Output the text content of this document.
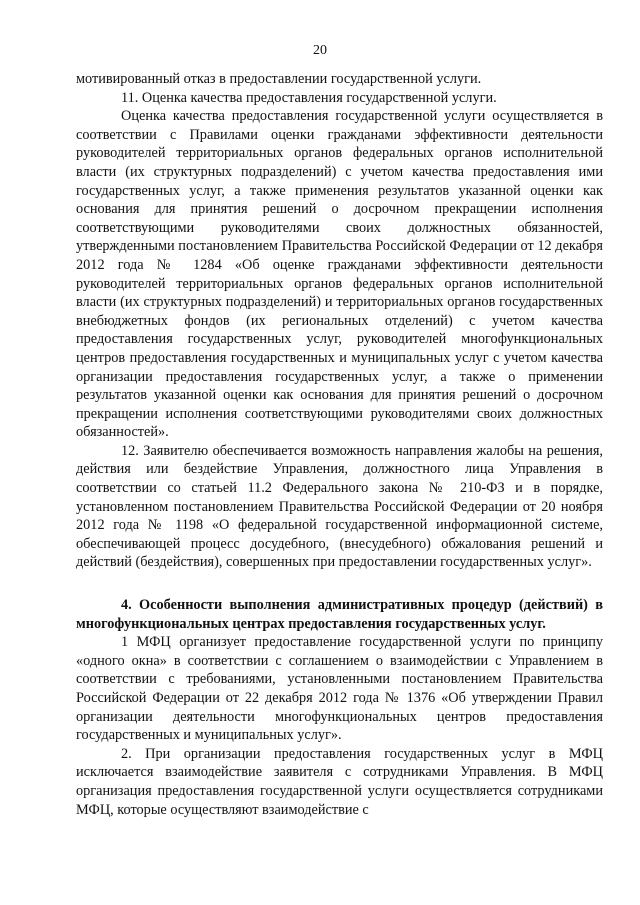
20

мотивированный отказ в предоставлении государственной услуги.

11. Оценка качества предоставления государственной услуги.

Оценка качества предоставления государственной услуги осуществляется в соответствии с Правилами оценки гражданами эффективности деятельности руководителей территориальных органов федеральных органов исполнительной власти (их структурных подразделений) с учетом качества предоставления ими государственных услуг, а также применения результатов указанной оценки как основания для принятия решений о досрочном прекращении исполнения соответствующими руководителями своих должностных обязанностей, утвержденными постановлением Правительства Российской Федерации от 12 декабря 2012 года № 1284 «Об оценке гражданами эффективности деятельности руководителей территориальных органов федеральных органов исполнительной власти (их структурных подразделений) и территориальных органов государственных внебюджетных фондов (их региональных отделений) с учетом качества предоставления государственных услуг, руководителей многофункциональных центров предоставления государственных и муниципальных услуг с учетом качества организации предоставления государственных услуг, а также о применении результатов указанной оценки как основания для принятия решений о досрочном прекращении исполнения соответствующими руководителями своих должностных обязанностей».

12. Заявителю обеспечивается возможность направления жалобы на решения, действия или бездействие Управления, должностного лица Управления в соответствии со статьей 11.2 Федерального закона № 210-ФЗ и в порядке, установленном постановлением Правительства Российской Федерации от 20 ноября 2012 года № 1198 «О федеральной государственной информационной системе, обеспечивающей процесс досудебного, (внесудебного) обжалования решений и действий (бездействия), совершенных при предоставлении государственных услуг».

4. Особенности выполнения административных процедур (действий) в многофункциональных центрах предоставления государственных услуг.

1 МФЦ организует предоставление государственной услуги по принципу «одного окна» в соответствии с соглашением о взаимодействии с Управлением в соответствии с требованиями, установленными постановлением Правительства Российской Федерации от 22 декабря 2012 года № 1376 «Об утверждении Правил организации деятельности многофункциональных центров предоставления государственных и муниципальных услуг».

2. При организации предоставления государственных услуг в МФЦ исключается взаимодействие заявителя с сотрудниками Управления. В МФЦ организация предоставления государственной услуги осуществляется сотрудниками МФЦ, которые осуществляют взаимодействие с
